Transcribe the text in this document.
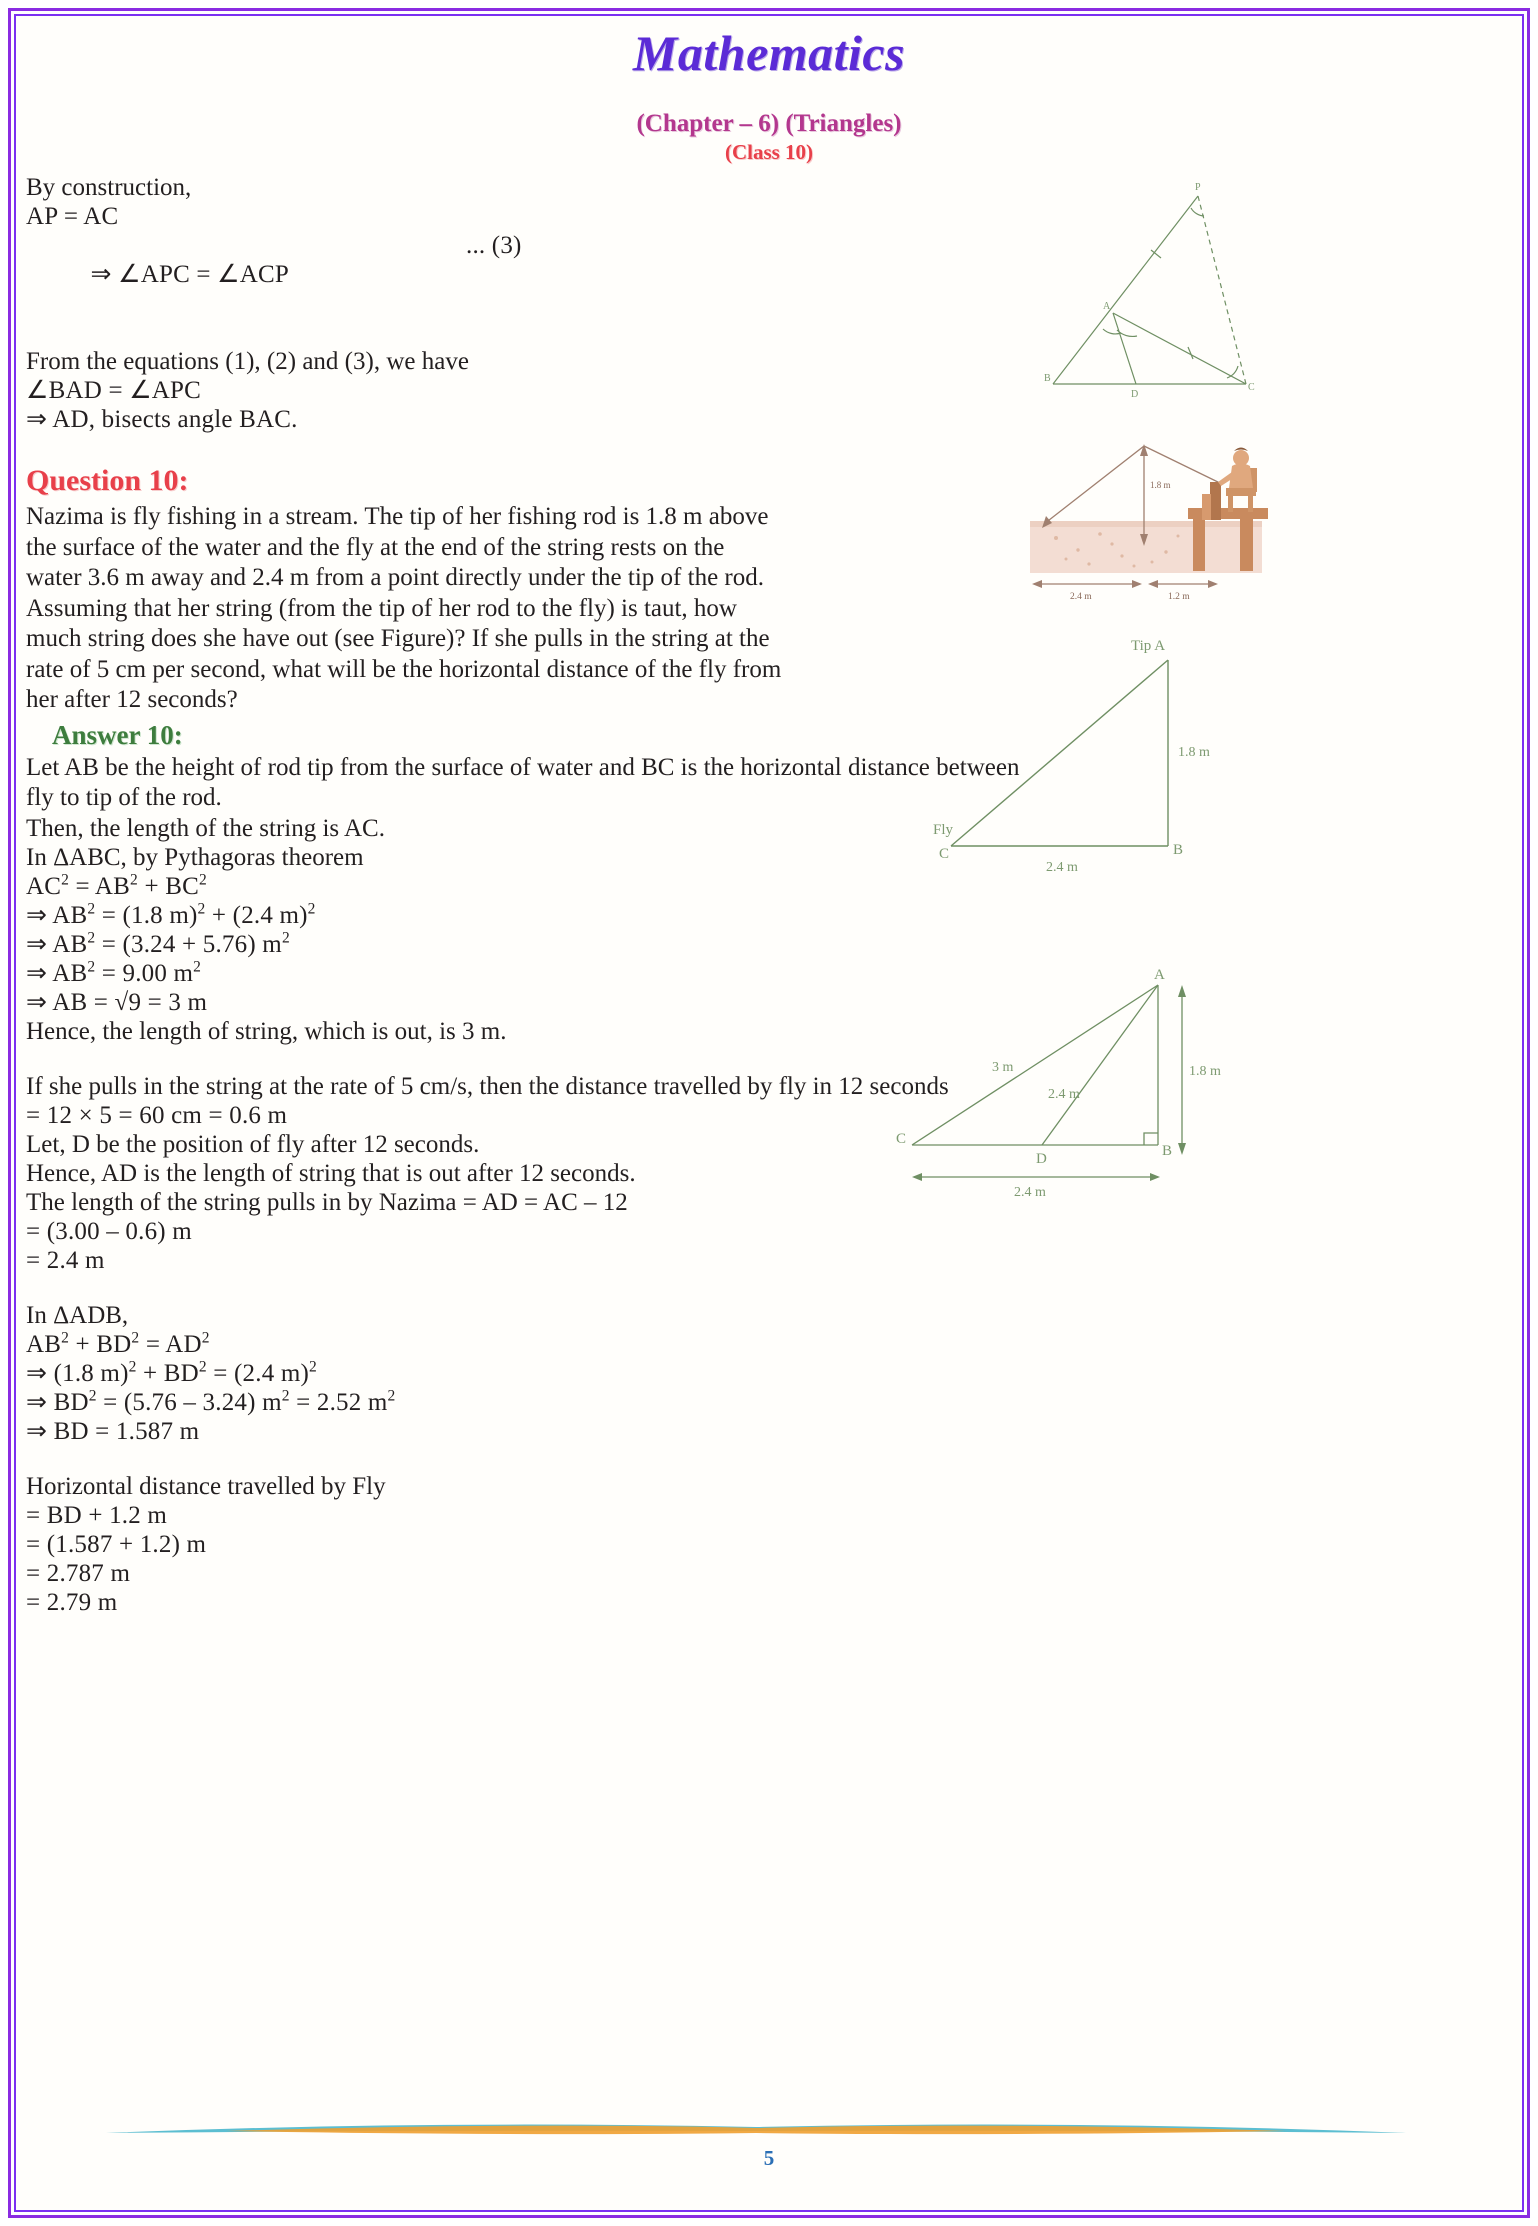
Mathematics
(Chapter – 6) (Triangles)
(Class 10)
P
A
B
D
C
1.8 m
2.4 m	1.2 m
Tip A
Fly
C	B
1.8 m
2.4 m
A
B
C
D
3 m
2.4 m
1.8 m
2.4 m
By construction,
AP = AC

⇒ ∠APC = ∠ACP

... (3)

From the equations (1), (2) and (3), we have
∠BAD = ∠APC
⇒ AD, bisects angle BAC.
Question 10:
Nazima is fly fishing in a stream. The tip of her fishing rod is 1.8 m above the surface of the water and the fly at the end of the string rests on the water 3.6 m away and 2.4 m from a point directly under the tip of the rod. Assuming that her string (from the tip of her rod to the fly) is taut, how much string does she have out (see Figure)? If she pulls in the string at the rate of 5 cm per second, what will be the horizontal distance of the fly from her after 12 seconds?
Answer 10:
Let AB be the height of rod tip from the surface of water and BC is the horizontal distance between fly to tip of the rod.
Then, the length of the string is AC.
In ΔABC, by Pythagoras theorem
$AC^2 = AB^2 + BC^2$
⇒ $AB^2 = (1.8$ m)$^2$ + (2.4 m)$^2$
⇒ $AB^2 = (3.24 + 5.76)$ $m^2$
⇒ $AB^2 = 9.00$ $m^2$
⇒ AB = √9 = 3 m
Hence, the length of string, which is out, is 3 m.
If she pulls in the string at the rate of 5 cm/s, then the distance travelled by fly in 12 seconds
= 12 × 5 = 60 cm = 0.6 m
Let, D be the position of fly after 12 seconds.
Hence, AD is the length of string that is out after 12 seconds.
The length of the string pulls in by Nazima = AD = AC – 12
= (3.00 – 0.6) m
= 2.4 m
In ΔADB,
$AB^2 + BD^2 = AD^2$
⇒ (1.8 $m)^2 + BD^2 = (2.4$ m)$^2$
⇒ $BD^2 = (5.76 - 3.24) m^2 = 2.52$ $m^2$
⇒ BD = 1.587 m
Horizontal distance travelled by Fly
= BD + 1.2 m
= (1.587 + 1.2) m
= 2.787 m
= 2.79 m
5
